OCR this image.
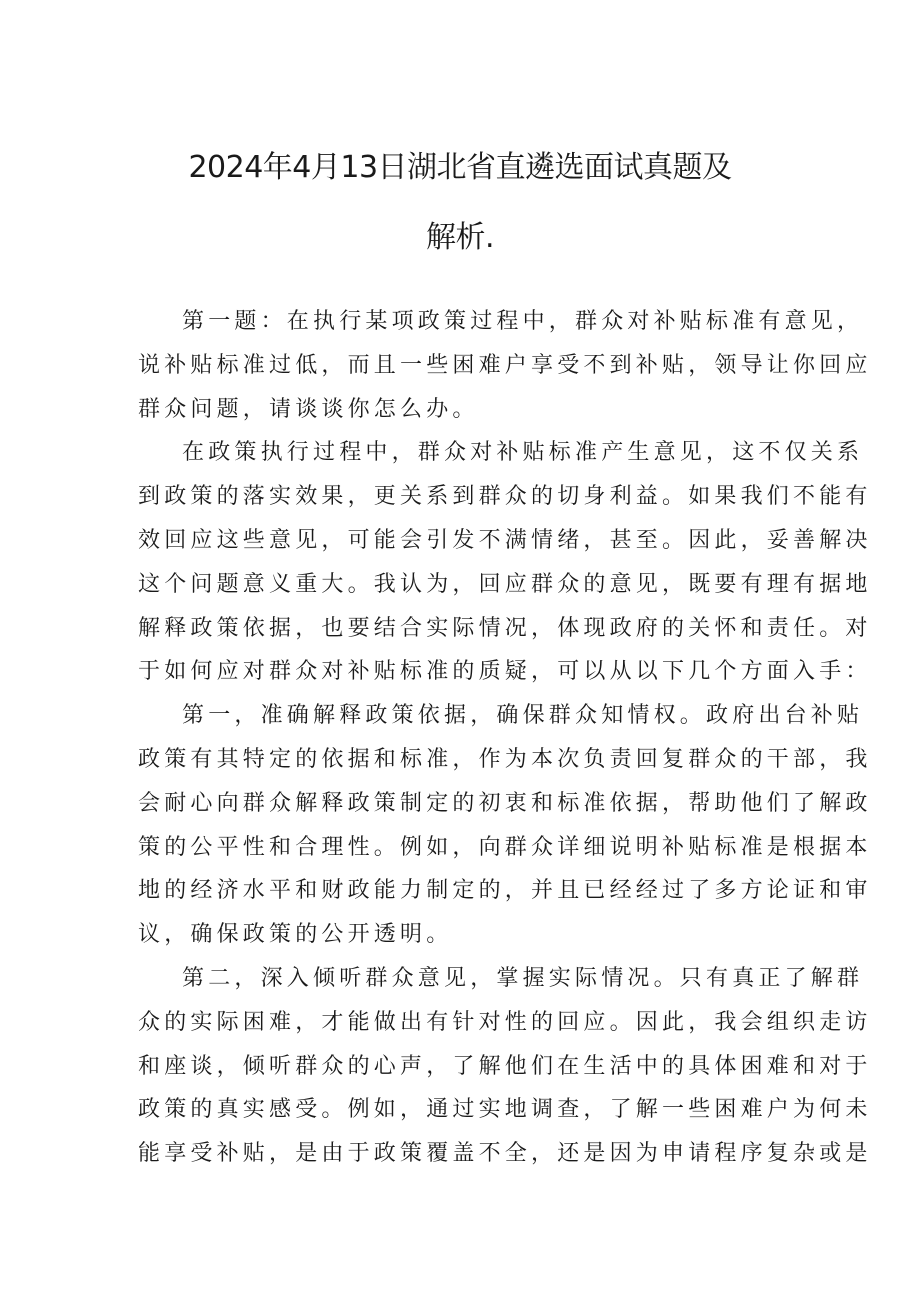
2024年4月13日湖北省直遴选面试真题及
解析.

第一题：在执行某项政策过程中，群众对补贴标准有意见，

说补贴标准过低，而且一些困难户享受不到补贴，领导让你回应

群众问题，请谈谈你怎么办。

在政策执行过程中，群众对补贴标准产生意见，这不仅关系

到政策的落实效果，更关系到群众的切身利益。如果我们不能有

效回应这些意见，可能会引发不满情绪，甚至。因此，妥善解决

这个问题意义重大。我认为，回应群众的意见，既要有理有据地

解释政策依据，也要结合实际情况，体现政府的关怀和责任。对

于如何应对群众对补贴标准的质疑，可以从以下几个方面入手：

第一，准确解释政策依据，确保群众知情权。政府出台补贴

政策有其特定的依据和标准，作为本次负责回复群众的干部，我

会耐心向群众解释政策制定的初衷和标准依据，帮助他们了解政

策的公平性和合理性。例如，向群众详细说明补贴标准是根据本

地的经济水平和财政能力制定的，并且已经经过了多方论证和审

议，确保政策的公开透明。

第二，深入倾听群众意见，掌握实际情况。只有真正了解群

众的实际困难，才能做出有针对性的回应。因此，我会组织走访

和座谈，倾听群众的心声，了解他们在生活中的具体困难和对于

政策的真实感受。例如，通过实地调查，了解一些困难户为何未

能享受补贴，是由于政策覆盖不全，还是因为申请程序复杂或是
